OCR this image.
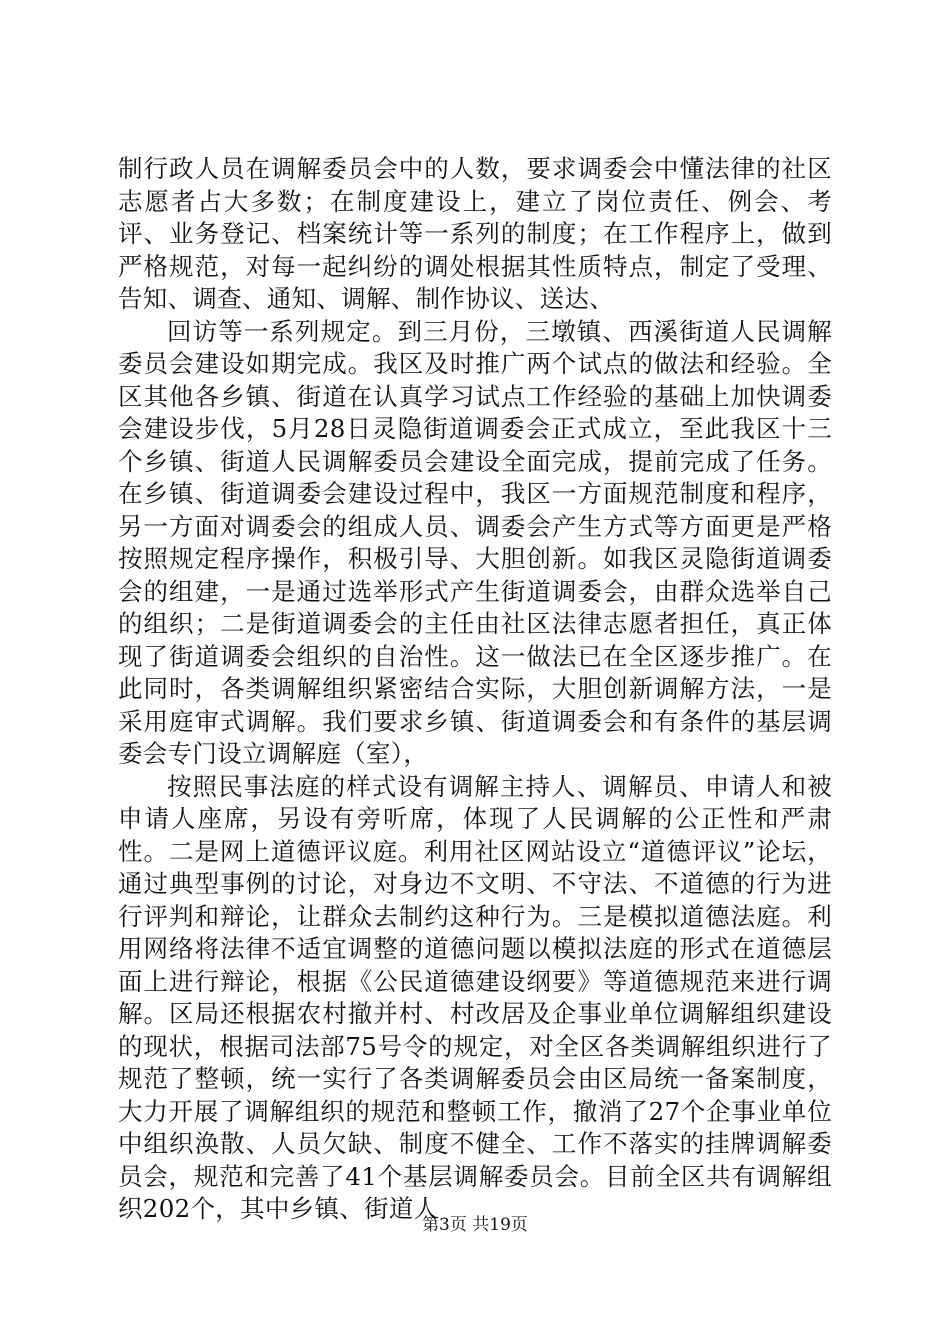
制行政人员在调解委员会中的人数，要求调委会中懂法律的社区志愿者占大多数；在制度建设上，建立了岗位责任、例会、考评、业务登记、档案统计等一系列的制度；在工作程序上，做到严格规范，对每一起纠纷的调处根据其性质特点，制定了受理、告知、调查、通知、调解、制作协议、送达、

回访等一系列规定。到三月份，三墩镇、西溪街道人民调解委员会建设如期完成。我区及时推广两个试点的做法和经验。全区其他各乡镇、街道在认真学习试点工作经验的基础上加快调委会建设步伐，5月28日灵隐街道调委会正式成立，至此我区十三个乡镇、街道人民调解委员会建设全面完成，提前完成了任务。在乡镇、街道调委会建设过程中，我区一方面规范制度和程序，另一方面对调委会的组成人员、调委会产生方式等方面更是严格按照规定程序操作，积极引导、大胆创新。如我区灵隐街道调委会的组建，一是通过选举形式产生街道调委会，由群众选举自己的组织；二是街道调委会的主任由社区法律志愿者担任，真正体现了街道调委会组织的自治性。这一做法已在全区逐步推广。在此同时，各类调解组织紧密结合实际，大胆创新调解方法，一是采用庭审式调解。我们要求乡镇、街道调委会和有条件的基层调委会专门设立调解庭（室），

按照民事法庭的样式设有调解主持人、调解员、申请人和被申请人座席，另设有旁听席，体现了人民调解的公正性和严肃性。二是网上道德评议庭。利用社区网站设立“道德评议”论坛，通过典型事例的讨论，对身边不文明、不守法、不道德的行为进行评判和辩论，让群众去制约这种行为。三是模拟道德法庭。利用网络将法律不适宜调整的道德问题以模拟法庭的形式在道德层面上进行辩论，根据《公民道德建设纲要》等道德规范来进行调解。区局还根据农村撤并村、村改居及企事业单位调解组织建设的现状，根据司法部75号令的规定，对全区各类调解组织进行了规范了整顿，统一实行了各类调解委员会由区局统一备案制度，大力开展了调解组织的规范和整顿工作，撤消了27个企事业单位中组织涣散、人员欠缺、制度不健全、工作不落实的挂牌调解委员会，规范和完善了41个基层调解委员会。目前全区共有调解组织202个，其中乡镇、街道人

第3页 共19页
